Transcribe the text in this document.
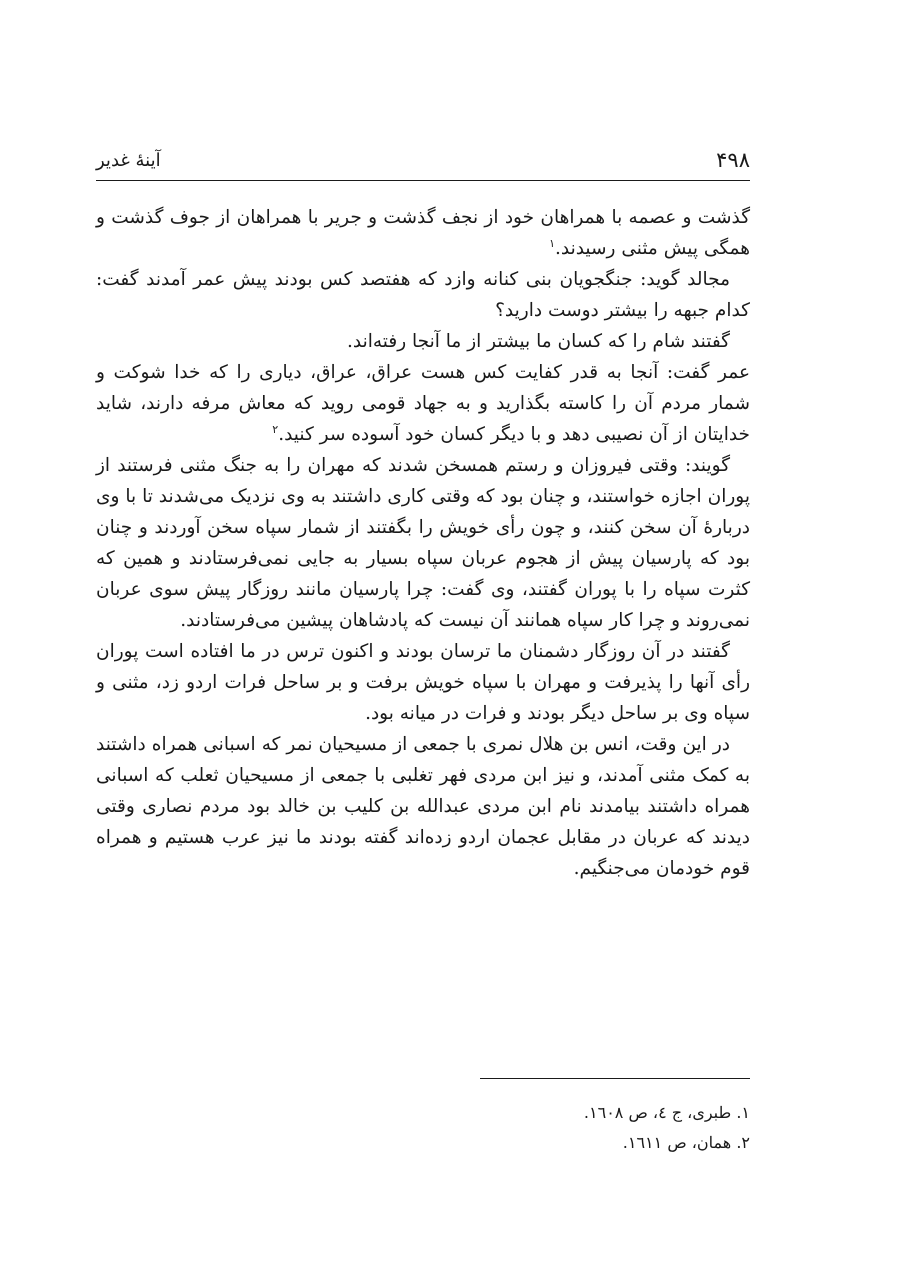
۴۹۸
آینهٔ غدیر

گذشت و عصمه با همراهان خود از نجف گذشت و جریر با همراهان از جوف گذشت و همگی پیش مثنی رسیدند.$^۱$

مجالد گوید: جنگجویان بنی کنانه وازد که هفتصد کس بودند پیش عمر آمدند گفت: کدام جبهه را بیشتر دوست دارید؟

گفتند شام را که کسان ما بیشتر از ما آنجا رفته‌اند.

عمر گفت: آنجا به قدر کفایت کس هست عراق، عراق، دیاری را که خدا شوکت و شمار مردم آن را کاسته بگذارید و به جهاد قومی روید که معاش مرفه دارند، شاید خدایتان از آن نصیبی دهد و با دیگر کسان خود آسوده سر کنید.$^۲$

گویند: وقتی فیروزان و رستم همسخن شدند که مهران را به جنگ مثنی فرستند از پوران اجازه خواستند، و چنان بود که وقتی کاری داشتند به وی نزدیک می‌شدند تا با وی دربارهٔ آن سخن کنند، و چون رأی خویش را بگفتند از شمار سپاه سخن آوردند و چنان بود که پارسیان پیش از هجوم عربان سپاه بسیار به جایی نمی‌فرستادند و همین که کثرت سپاه را با پوران گفتند، وی گفت: چرا پارسیان مانند روزگار پیش سوی عربان نمی‌روند و چرا کار سپاه همانند آن نیست که پادشاهان پیشین می‌فرستادند.

گفتند در آن روزگار دشمنان ما ترسان بودند و اکنون ترس در ما افتاده است پوران رأی آنها را پذیرفت و مهران با سپاه خویش برفت و بر ساحل فرات اردو زد، مثنی و سپاه وی بر ساحل دیگر بودند و فرات در میانه بود.

در این وقت، انس بن هلال نمری با جمعی از مسیحیان نمر که اسبانی همراه داشتند به کمک مثنی آمدند، و نیز ابن مردی فهر تغلبی با جمعی از مسیحیان ثعلب که اسبانی همراه داشتند بیامدند نام ابن مردی عبدالله بن کلیب بن خالد بود مردم نصاری وقتی دیدند که عربان در مقابل عجمان اردو زده‌اند گفته بودند ما نیز عرب هستیم و همراه قوم خودمان می‌جنگیم.

۱. طبری، ج ٤، ص ۱٦۰۸.

۲. همان، ص ۱٦۱۱.
